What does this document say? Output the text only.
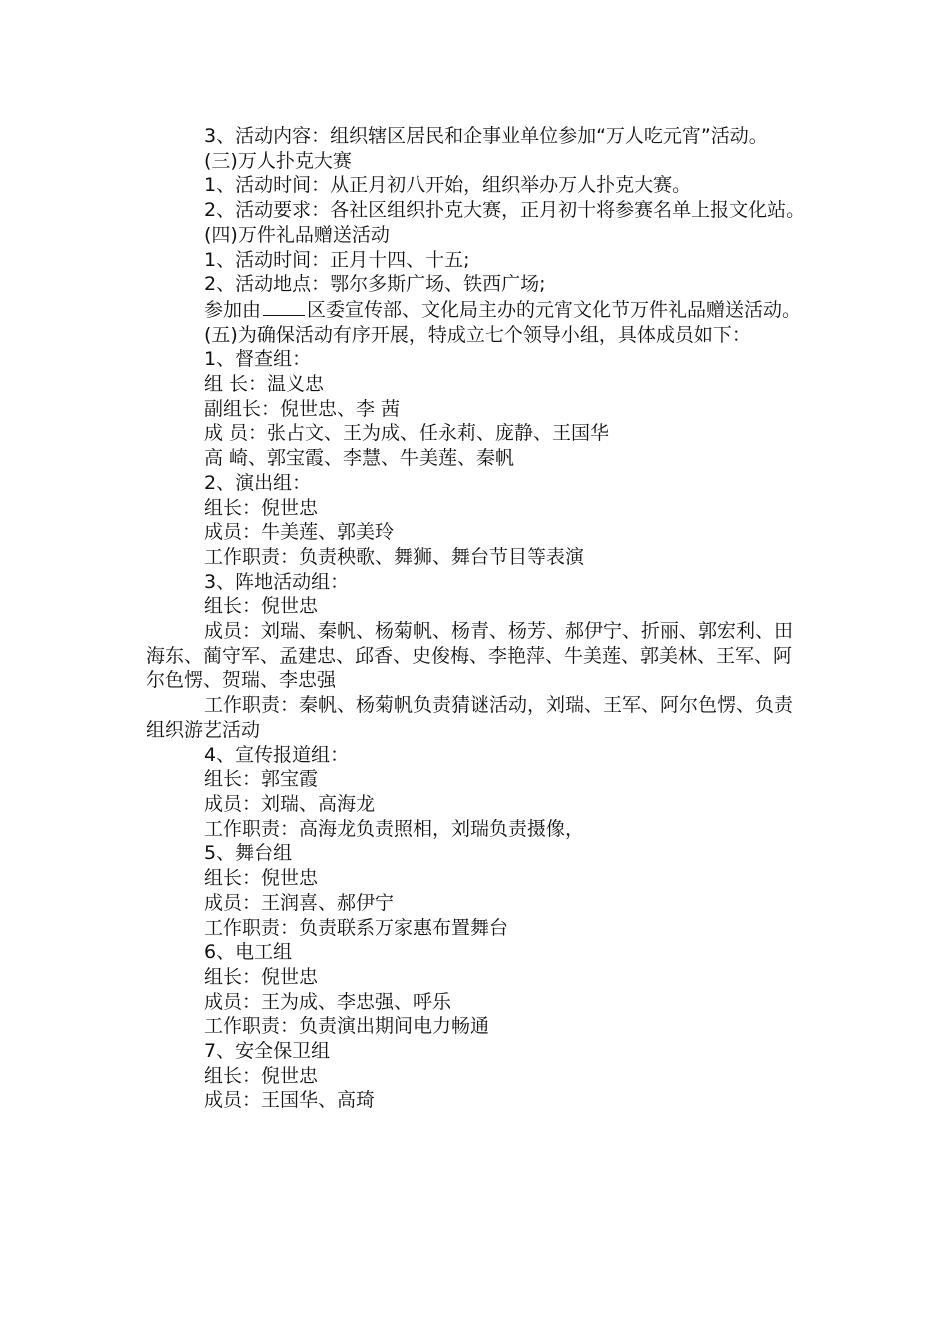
3、活动内容：组织辖区居民和企事业单位参加“万人吃元宵”活动。
(三)万人扑克大赛
1、活动时间：从正月初八开始，组织举办万人扑克大赛。
2、活动要求：各社区组织扑克大赛，正月初十将参赛名单上报文化站。
(四)万件礼品赠送活动
1、活动时间：正月十四、十五;
2、活动地点：鄂尔多斯广场、铁西广场;
参加由 区委宣传部、文化局主办的元宵文化节万件礼品赠送活动。
(五)为确保活动有序开展，特成立七个领导小组，具体成员如下：
1、督查组：
组 长：温义忠
副组长：倪世忠、李 茜
成 员：张占文、王为成、任永莉、庞静、王国华
高 崎、郭宝霞、李慧、牛美莲、秦帆
2、演出组：
组长：倪世忠
成员：牛美莲、郭美玲
工作职责：负责秧歌、舞狮、舞台节目等表演
3、阵地活动组：
组长：倪世忠
成员：刘瑞、秦帆、杨菊帆、杨青、杨芳、郝伊宁、折丽、郭宏利、田海东、蔺守军、孟建忠、邱香、史俊梅、李艳萍、牛美莲、郭美林、王军、阿尔色愣、贺瑞、李忠强
工作职责：秦帆、杨菊帆负责猜谜活动，刘瑞、王军、阿尔色愣、负责组织游艺活动
4、宣传报道组：
组长：郭宝霞
成员：刘瑞、高海龙
工作职责：高海龙负责照相，刘瑞负责摄像，
5、舞台组
组长：倪世忠
成员：王润喜、郝伊宁
工作职责：负责联系万家惠布置舞台
6、电工组
组长：倪世忠
成员：王为成、李忠强、呼乐
工作职责：负责演出期间电力畅通
7、安全保卫组
组长：倪世忠
成员：王国华、高琦
